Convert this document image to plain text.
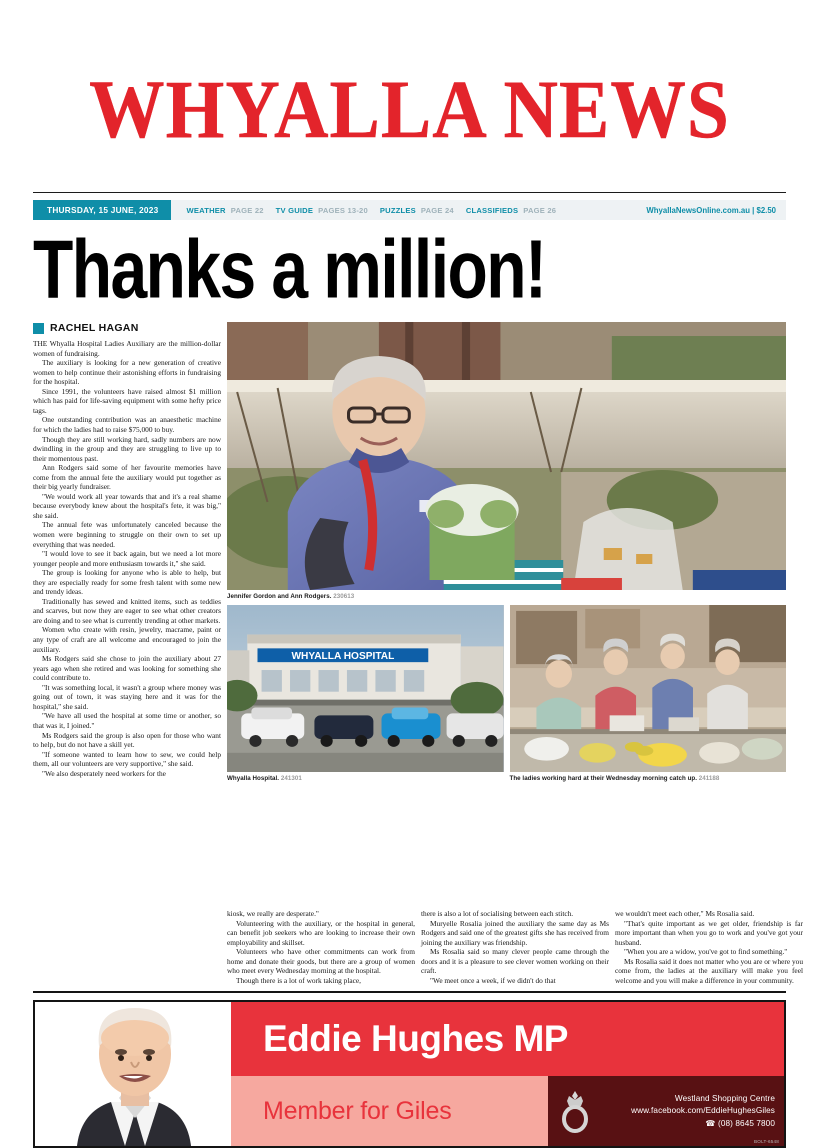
WHYALLA NEWS
THURSDAY, 15 JUNE, 2023	WEATHER PAGE 22 TV GUIDE PAGES 13-20 PUZZLES PAGE 24 CLASSIFIEDS PAGE 26	WhyallaNewsOnline.com.au | $2.50
Thanks a million!
RACHEL HAGAN

THE Whyalla Hospital Ladies Auxiliary are the million-dollar women of fundraising.

The auxiliary is looking for a new generation of creative women to help continue their astonishing efforts in fundraising for the hospital.

Since 1991, the volunteers have raised almost $1 million which has paid for life-saving equipment with some hefty price tags.

One outstanding contribution was an anaesthetic machine for which the ladies had to raise $75,000 to buy.

Though they are still working hard, sadly numbers are now dwindling in the group and they are struggling to live up to their momentous past.

Ann Rodgers said some of her favourite memories have come from the annual fete the auxiliary would put together as their big yearly fundraiser.

"We would work all year towards that and it's a real shame because everybody knew about the hospital's fete, it was big," she said.

The annual fete was unfortunately canceled because the women were beginning to struggle on their own to set up everything that was needed.

"I would love to see it back again, but we need a lot more younger people and more enthusiasm towards it," she said.

The group is looking for anyone who is able to help, but they are especially ready for some fresh talent with some new and trendy ideas.

Traditionally has sewed and knitted items, such as teddies and scarves, but now they are eager to see what other creators are doing and to see what is currently trending at other markets.

Women who create with resin, jewelry, macrame, paint or any type of craft are all welcome and encouraged to join the auxiliary.

Ms Rodgers said she chose to join the auxiliary about 27 years ago when she retired and was looking for something she could contribute to.

"It was something local, it wasn't a group where money was going out of town, it was staying here and it was for the hospital," she said.

"We have all used the hospital at some time or another, so that was it, I joined."

Ms Rodgers said the group is also open for those who want to help, but do not have a skill yet.

"If someone wanted to learn how to sew, we could help them, all our volunteers are very supportive," she said.

"We also desperately need workers for the

Jennifer Gordon and Ann Rodgers. 230613
WHYALLA HOSPITAL
Whyalla Hospital. 241301	The ladies working hard at their Wednesday morning catch up. 241188

kiosk, we really are desperate."

Volunteering with the auxiliary, or the hospital in general, can benefit job seekers who are looking to increase their own employability and skillset.

Volunteers who have other commitments can work from home and donate their goods, but there are a group of women who meet every Wednesday morning at the hospital.

Though there is a lot of work taking place,

there is also a lot of socialising between each stitch.

Muryelle Rosalia joined the auxiliary the same day as Ms Rodgers and said one of the greatest gifts she has received from joining the auxiliary was friendship.

Ms Rosalia said so many clever people came through the doors and it is a pleasure to see clever women working on their craft.

"We meet once a week, if we didn't do that

we wouldn't meet each other," Ms Rosalia said.

"That's quite important as we get older, friendship is far more important than when you go to work and you've got your husband.

"When you are a widow, you've got to find something."

Ms Rosalia said it does not matter who you are or where you come from, the ladies at the auxiliary will make you feel welcome and you will make a difference in your community.

Eddie Hughes MP
Member for Giles	Westland Shopping Centre
www.facebook.com/EddieHughesGiles
☎ (08) 8645 7800
BOLT-6548
